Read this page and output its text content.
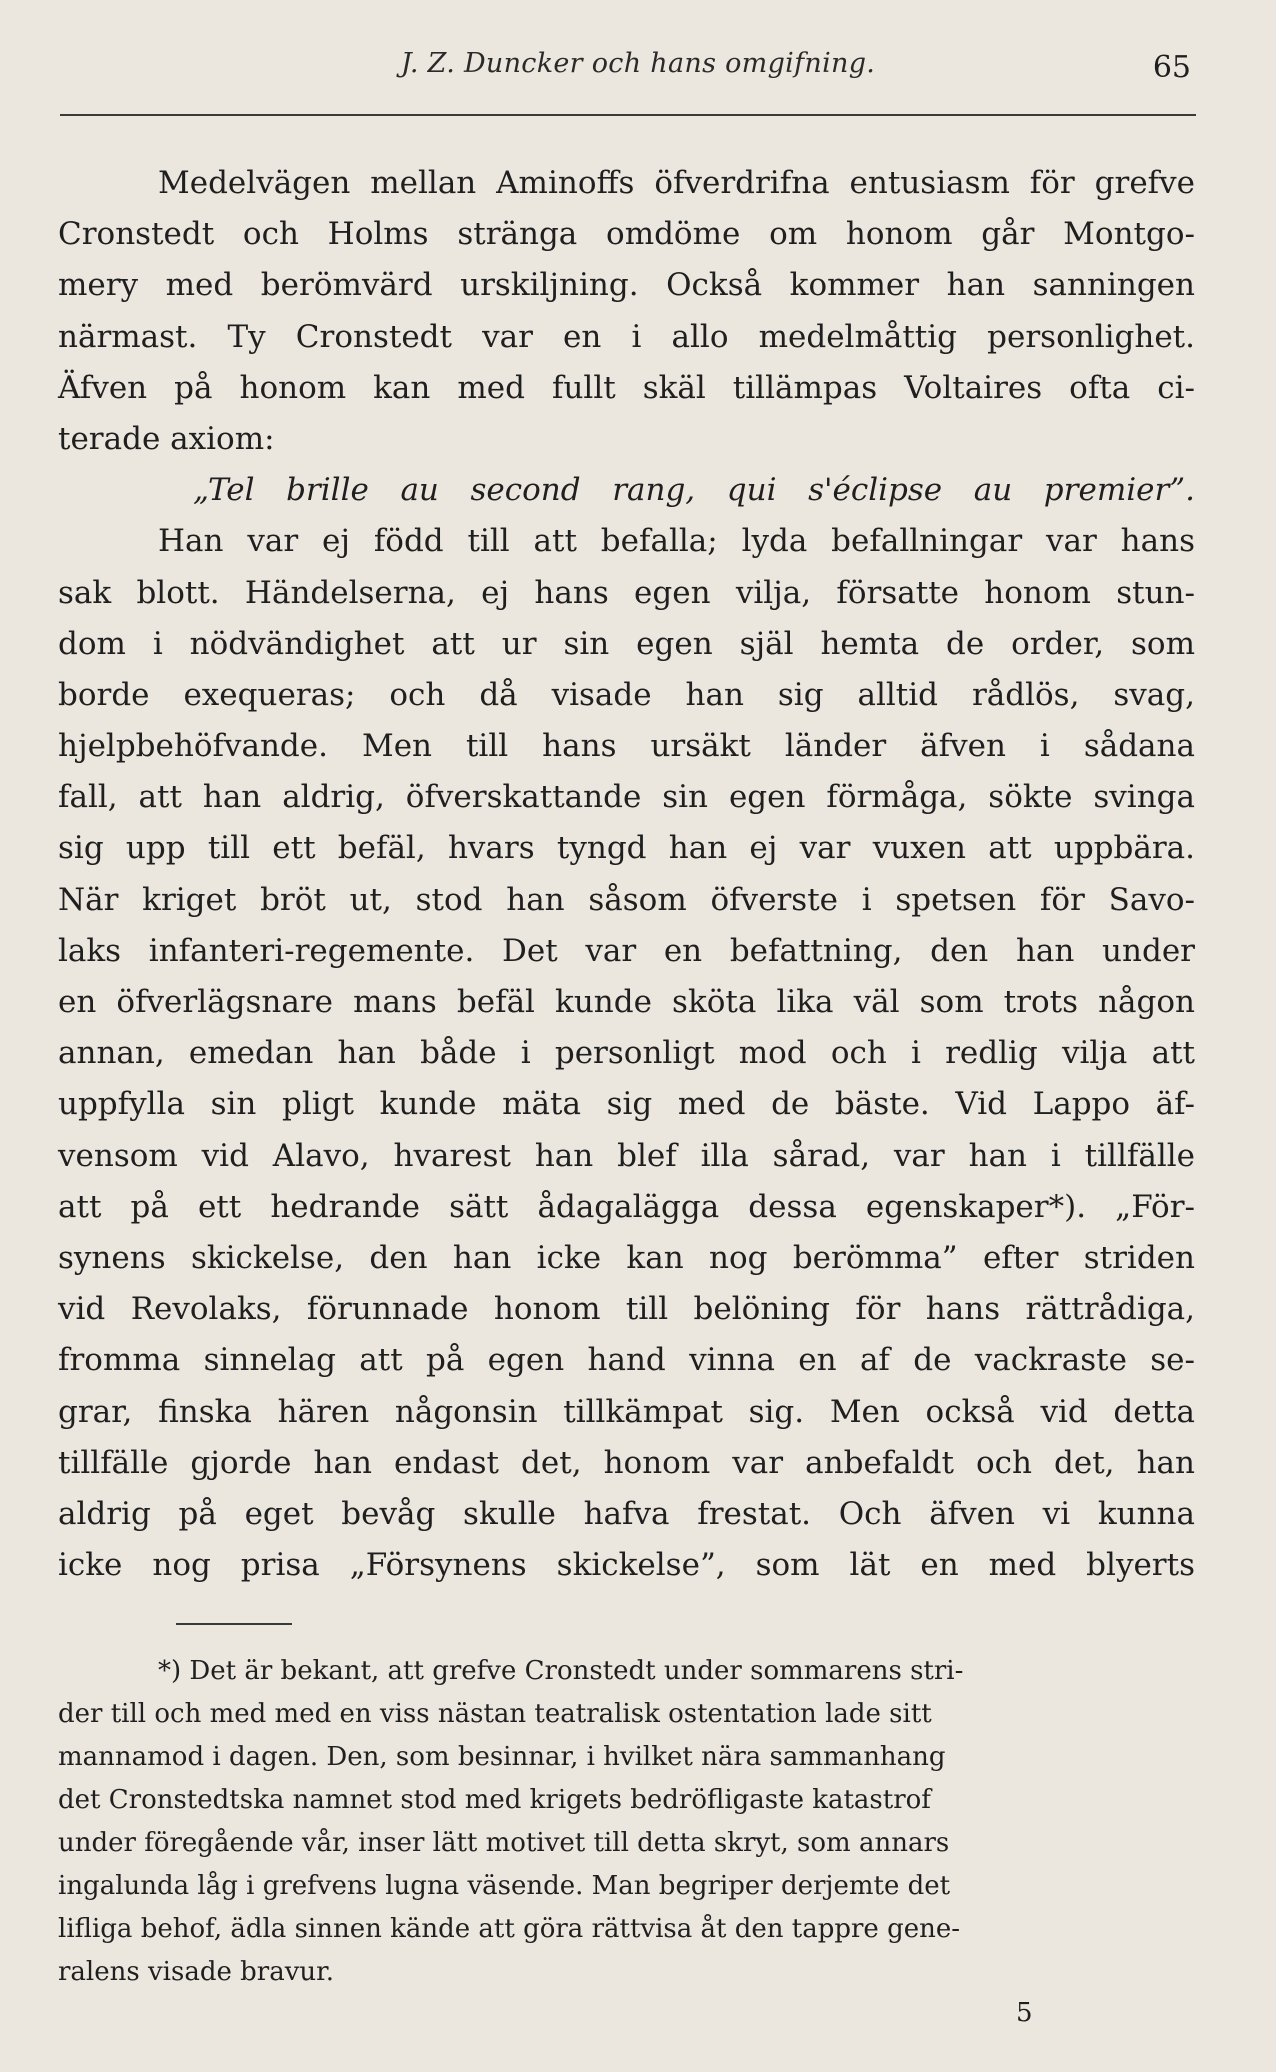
J. Z. Duncker och hans omgifning.	65
Medelvägen mellan Aminoffs öfverdrifna entusiasm för grefve
Cronstedt och Holms stränga omdöme om honom går Montgo-
mery med berömvärd urskiljning. Också kommer han sanningen
närmast. Ty Cronstedt var en i allo medelmåttig personlighet.
Äfven på honom kan med fullt skäl tillämpas Voltaires ofta ci-
terade axiom:
„Tel brille au second rang, qui s'éclipse au premier”.
Han var ej född till att befalla; lyda befallningar var hans
sak blott. Händelserna, ej hans egen vilja, försatte honom stun-
dom i nödvändighet att ur sin egen själ hemta de order, som
borde exequeras; och då visade han sig alltid rådlös, svag,
hjelpbehöfvande. Men till hans ursäkt länder äfven i sådana
fall, att han aldrig, öfverskattande sin egen förmåga, sökte svinga
sig upp till ett befäl, hvars tyngd han ej var vuxen att uppbära.
När kriget bröt ut, stod han såsom öfverste i spetsen för Savo-
laks infanteri-regemente. Det var en befattning, den han under
en öfverlägsnare mans befäl kunde sköta lika väl som trots någon
annan, emedan han både i personligt mod och i redlig vilja att
uppfylla sin pligt kunde mäta sig med de bäste. Vid Lappo äf-
vensom vid Alavo, hvarest han blef illa sårad, var han i tillfälle
att på ett hedrande sätt ådagalägga dessa egenskaper*). „För-
synens skickelse, den han icke kan nog berömma” efter striden
vid Revolaks, förunnade honom till belöning för hans rättrådiga,
fromma sinnelag att på egen hand vinna en af de vackraste se-
grar, finska hären någonsin tillkämpat sig. Men också vid detta
tillfälle gjorde han endast det, honom var anbefaldt och det, han
aldrig på eget bevåg skulle hafva frestat. Och äfven vi kunna
icke nog prisa „Försynens skickelse”, som lät en med blyerts
*) Det är bekant, att grefve Cronstedt under sommarens stri-
der till och med med en viss nästan teatralisk ostentation lade sitt
mannamod i dagen. Den, som besinnar, i hvilket nära sammanhang
det Cronstedtska namnet stod med krigets bedröfligaste katastrof
under föregående vår, inser lätt motivet till detta skryt, som annars
ingalunda låg i grefvens lugna väsende. Man begriper derjemte det
lifliga behof, ädla sinnen kände att göra rättvisa åt den tappre gene-
ralens visade bravur.
5
